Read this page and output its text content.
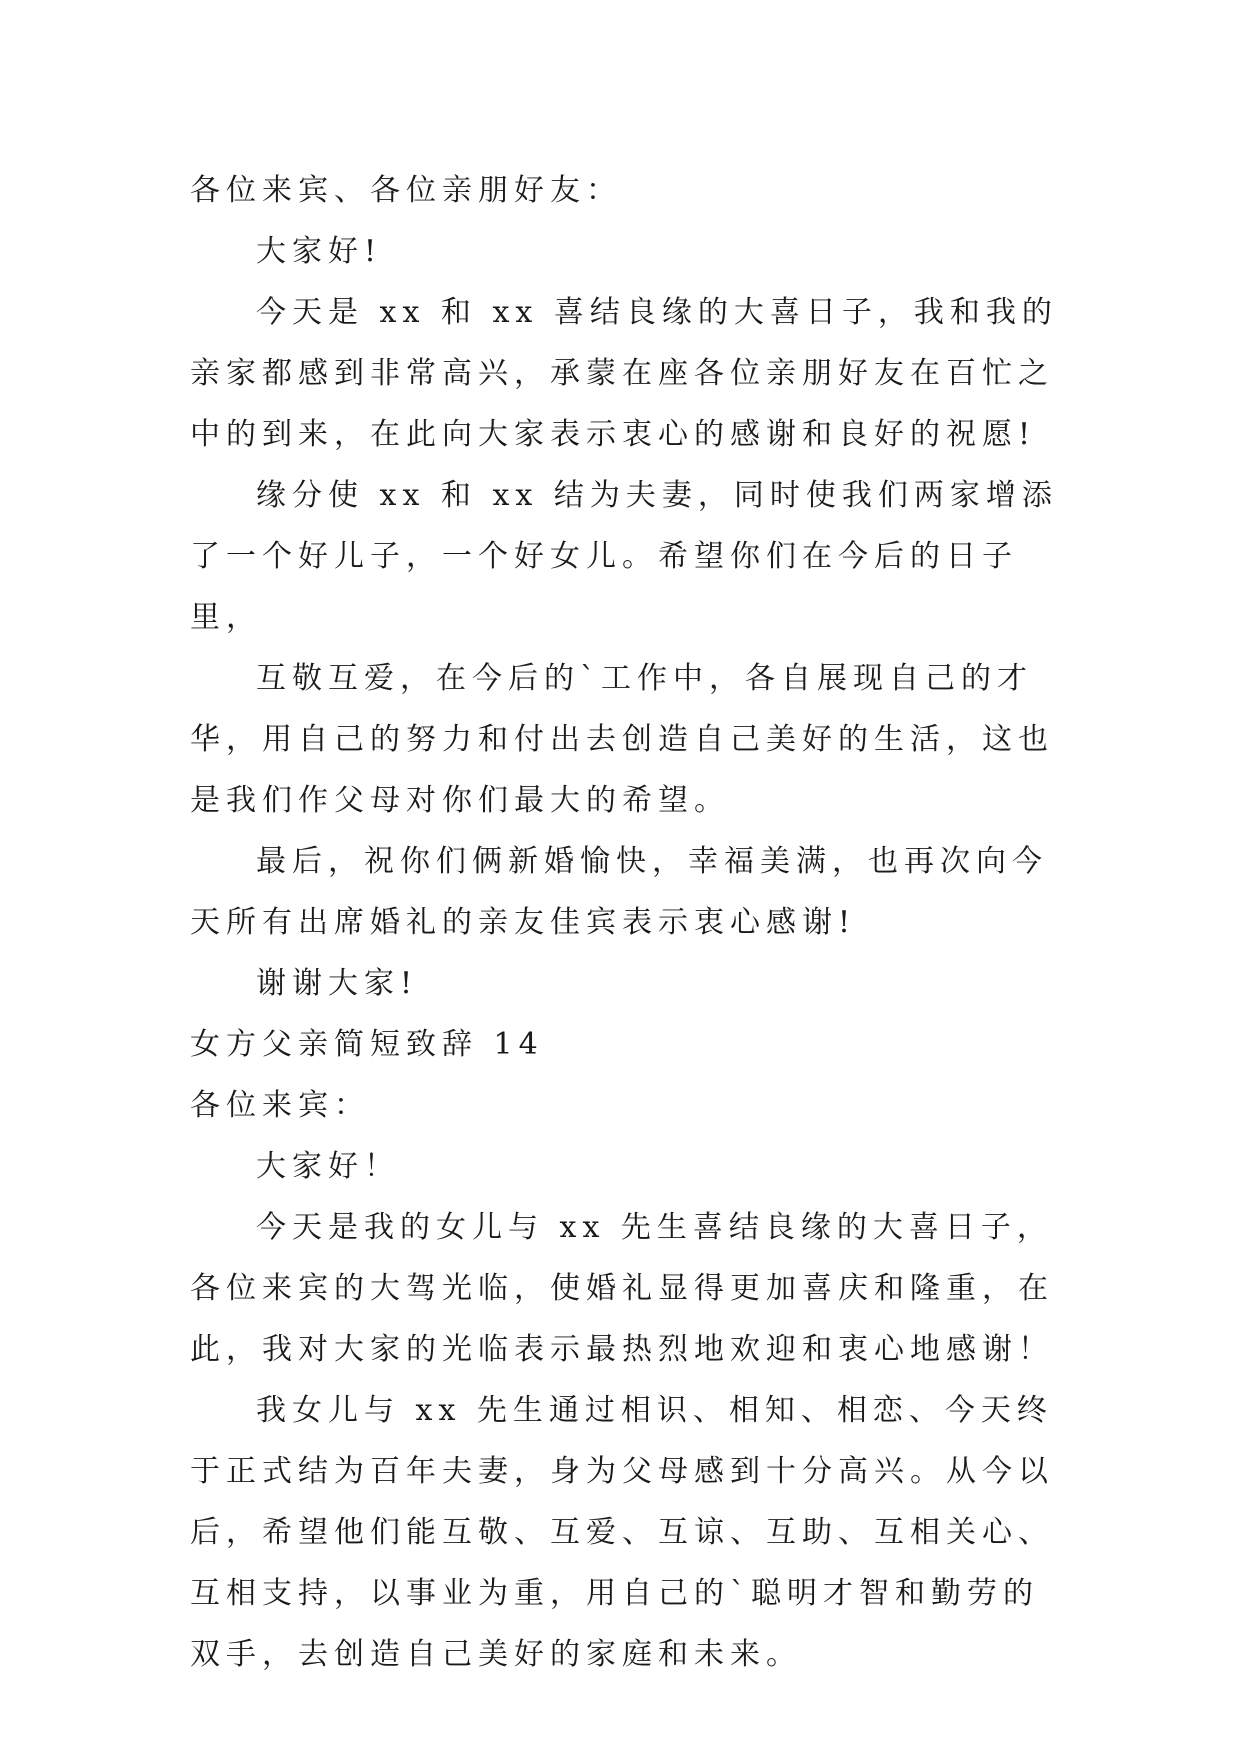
各位来宾、各位亲朋好友：

大家好!

今天是 xx 和 xx 喜结良缘的大喜日子，我和我的亲家都感到非常高兴，承蒙在座各位亲朋好友在百忙之中的到来，在此向大家表示衷心的感谢和良好的祝愿!

缘分使 xx 和 xx 结为夫妻，同时使我们两家增添了一个好儿子，一个好女儿。希望你们在今后的日子里，

互敬互爱，在今后的`工作中，各自展现自己的才华，用自己的努力和付出去创造自己美好的生活，这也是我们作父母对你们最大的希望。

最后，祝你们俩新婚愉快，幸福美满，也再次向今天所有出席婚礼的亲友佳宾表示衷心感谢!

谢谢大家!

女方父亲简短致辞 14

各位来宾：

大家好！

今天是我的女儿与 xx 先生喜结良缘的大喜日子，各位来宾的大驾光临，使婚礼显得更加喜庆和隆重，在此，我对大家的光临表示最热烈地欢迎和衷心地感谢！

我女儿与 xx 先生通过相识、相知、相恋、今天终于正式结为百年夫妻，身为父母感到十分高兴。从今以后，希望他们能互敬、互爱、互谅、互助、互相关心、互相支持，以事业为重，用自己的`聪明才智和勤劳的双手，去创造自己美好的家庭和未来。
